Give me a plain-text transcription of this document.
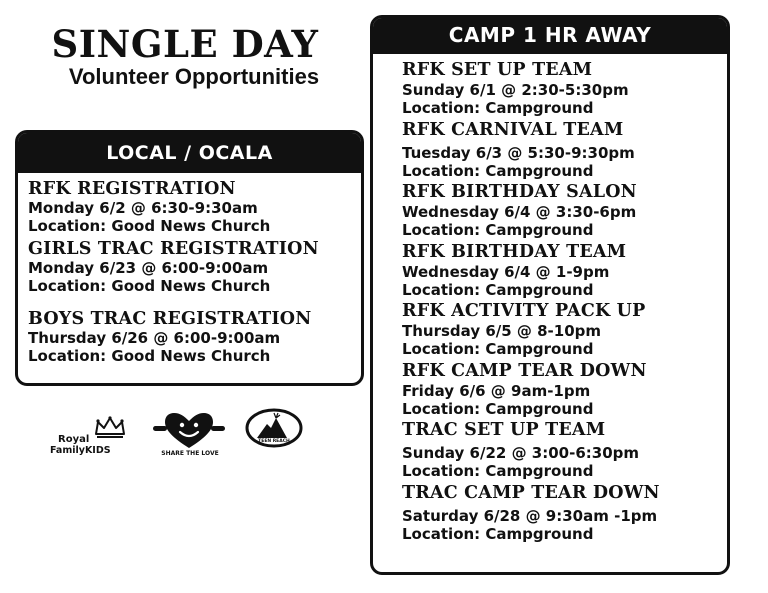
SINGLE DAY
Volunteer Opportunities
LOCAL / OCALA
RFK REGISTRATION
Monday 6/2 @ 6:30-9:30am
Location: Good News Church
GIRLS TRAC REGISTRATION
Monday 6/23 @ 6:00-9:00am
Location: Good News Church
BOYS TRAC REGISTRATION
Thursday 6/26 @ 6:00-9:00am
Location: Good News Church
CAMP 1 HR AWAY
RFK SET UP TEAM
Sunday 6/1 @ 2:30-5:30pm
Location: Campground
RFK CARNIVAL TEAM
Tuesday 6/3 @ 5:30-9:30pm
Location: Campground
RFK BIRTHDAY SALON
Wednesday 6/4 @ 3:30-6pm
Location: Campground
RFK BIRTHDAY TEAM
Wednesday 6/4 @ 1-9pm
Location: Campground
RFK ACTIVITY PACK UP
Thursday 6/5 @ 8-10pm
Location: Campground
RFK CAMP TEAR DOWN
Friday 6/6 @ 9am-1pm
Location: Campground
TRAC SET UP TEAM
Sunday 6/22 @ 3:00-6:30pm
Location: Campground
TRAC CAMP TEAR DOWN
Saturday 6/28 @ 9:30am -1pm
Location: Campground
Royal
FamilyKIDS	SHARE THE LOVE
TEEN REACH
